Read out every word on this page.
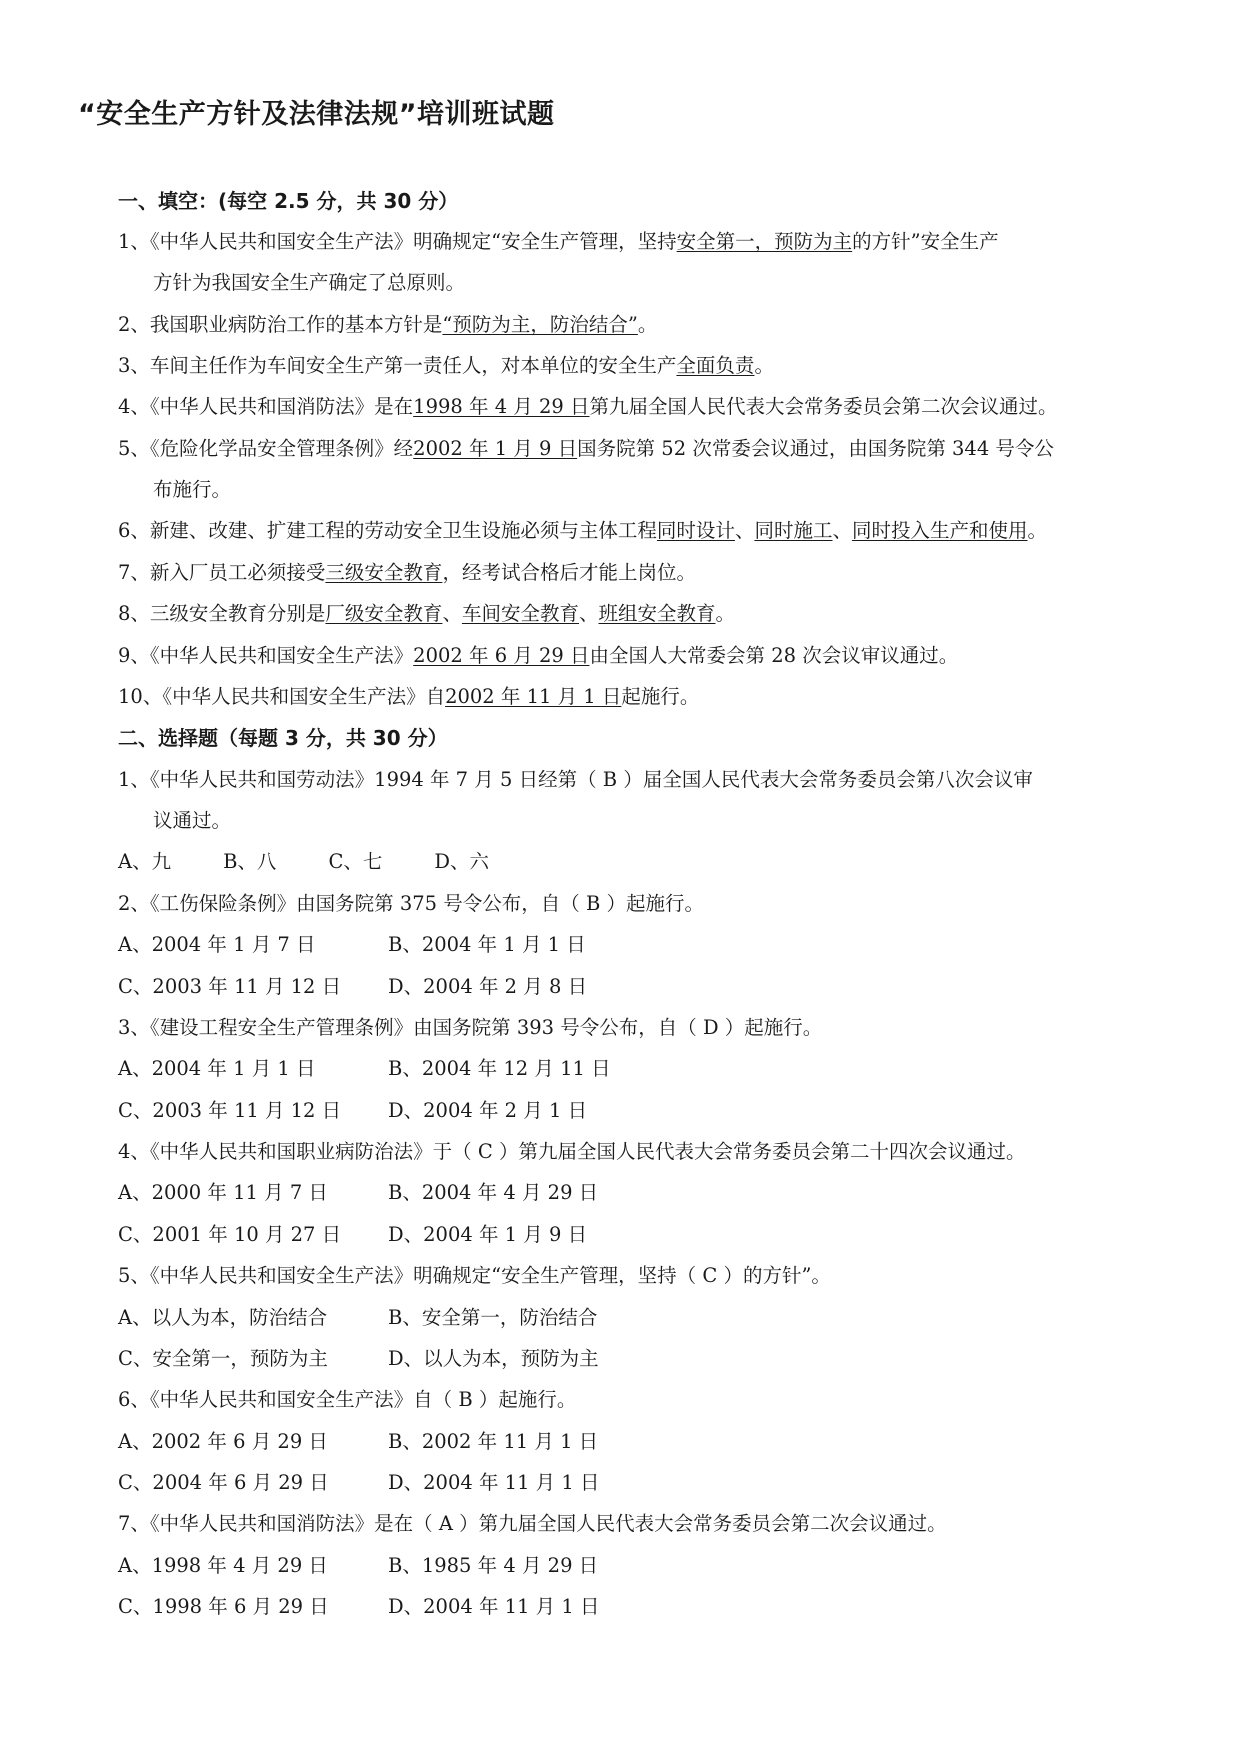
“安全生产方针及法律法规”培训班试题
一、填空：(每空 2.5 分，共 30 分）
1、《中华人民共和国安全生产法》明确规定“安全生产管理，坚持安全第一，预防为主的方针”安全生产
方针为我国安全生产确定了总原则。
2、我国职业病防治工作的基本方针是“预防为主，防治结合”。
3、车间主任作为车间安全生产第一责任人，对本单位的安全生产全面负责。
4、《中华人民共和国消防法》是在1998 年 4 月 29 日第九届全国人民代表大会常务委员会第二次会议通过。
5、《危险化学品安全管理条例》经2002 年 1 月 9 日国务院第 52 次常委会议通过，由国务院第 344 号令公
布施行。
6、新建、改建、扩建工程的劳动安全卫生设施必须与主体工程同时设计、同时施工、同时投入生产和使用。
7、新入厂员工必须接受三级安全教育，经考试合格后才能上岗位。
8、三级安全教育分别是厂级安全教育、车间安全教育、班组安全教育。
9、《中华人民共和国安全生产法》2002 年 6 月 29 日由全国人大常委会第 28 次会议审议通过。
10、《中华人民共和国安全生产法》自2002 年 11 月 1 日起施行。
二、选择题（每题 3 分，共 30 分）
1、《中华人民共和国劳动法》1994 年 7 月 5 日经第（ B ）届全国人民代表大会常务委员会第八次会议审
议通过。
A、九	B、八	C、七	D、六
2、《工伤保险条例》由国务院第 375 号令公布，自（ B ）起施行。
A、2004 年 1 月 7 日	B、2004 年 1 月 1 日
C、2003 年 11 月 12 日 D、2004 年 2 月 8 日
3、《建设工程安全生产管理条例》由国务院第 393 号令公布，自（ D ）起施行。
A、2004 年 1 月 1 日	B、2004 年 12 月 11 日
C、2003 年 11 月 12 日 D、2004 年 2 月 1 日
4、《中华人民共和国职业病防治法》于（ C ）第九届全国人民代表大会常务委员会第二十四次会议通过。
A、2000 年 11 月 7 日	B、2004 年 4 月 29 日
C、2001 年 10 月 27 日 D、2004 年 1 月 9 日
5、《中华人民共和国安全生产法》明确规定“安全生产管理，坚持（ C ）的方针”。
A、以人为本，防治结合	B、安全第一，防治结合
C、安全第一，预防为主	D、以人为本，预防为主
6、《中华人民共和国安全生产法》自（ B ）起施行。
A、2002 年 6 月 29 日	B、2002 年 11 月 1 日
C、2004 年 6 月 29 日	D、2004 年 11 月 1 日
7、《中华人民共和国消防法》是在（ A ）第九届全国人民代表大会常务委员会第二次会议通过。
A、1998 年 4 月 29 日	B、1985 年 4 月 29 日
C、1998 年 6 月 29 日	D、2004 年 11 月 1 日
